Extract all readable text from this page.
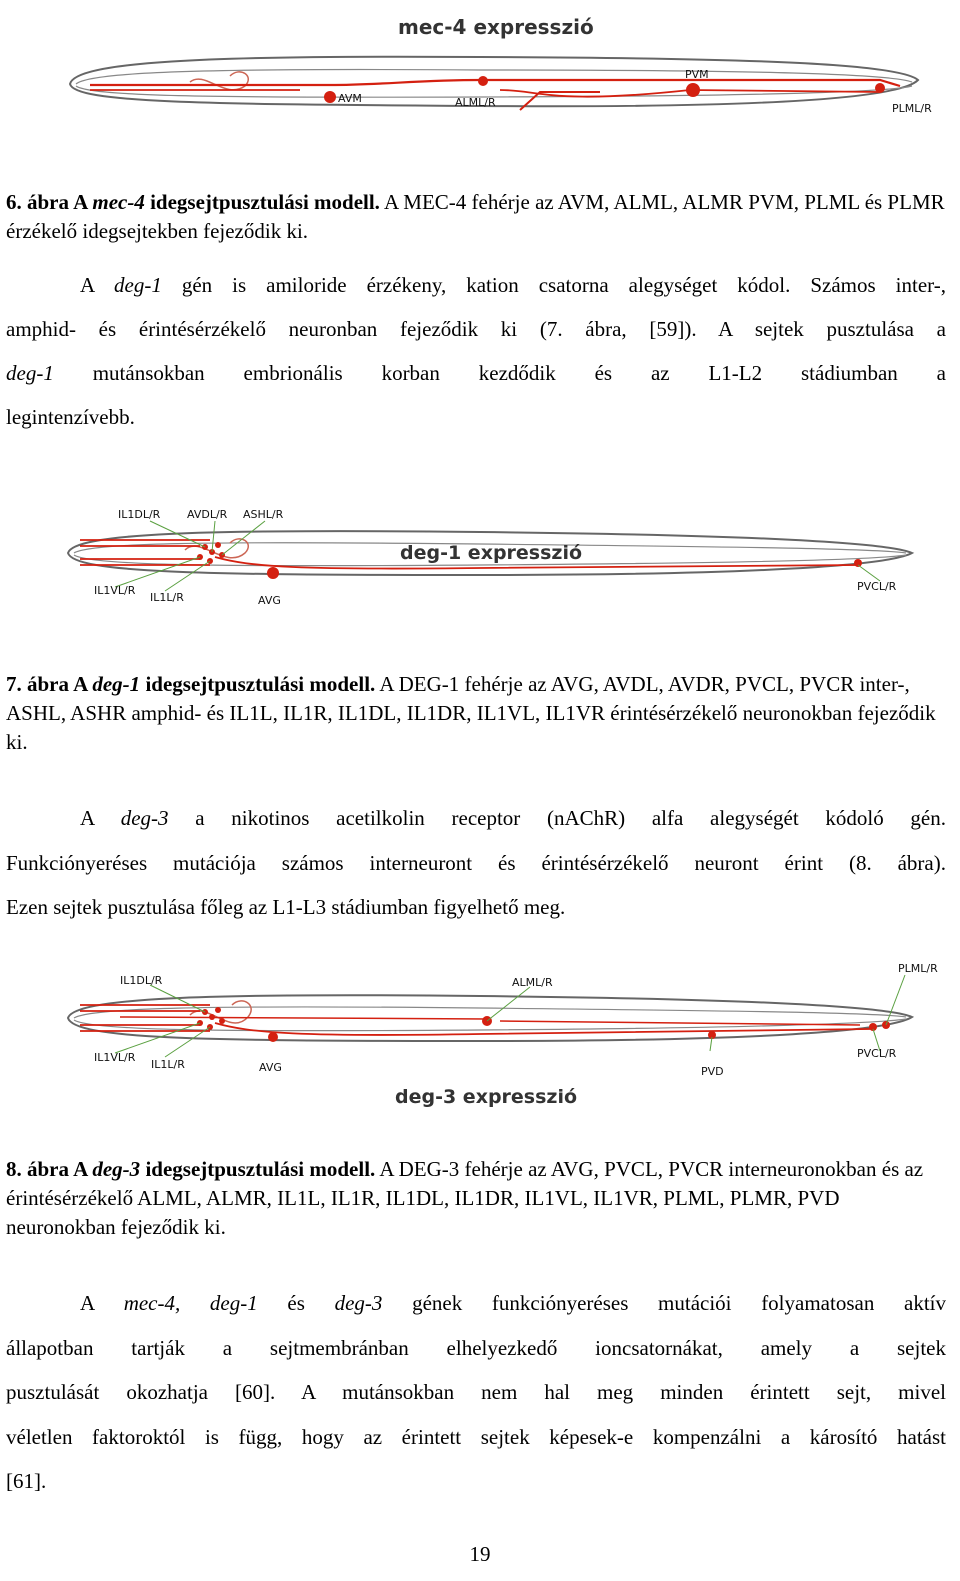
mec-4 expresszió
AVM	ALML/R
PVM
PLML/R
6. ábra A mec-4 idegsejtpusztulási modell. A MEC-4 fehérje az AVM, ALML, ALMR PVM, PLML és PLMR érzékelő idegsejtekben fejeződik ki.
A deg-1 gén is amiloride érzékeny, kation csatorna alegységet kódol. Számos inter-,
amphid- és érintésérzékelő neuronban fejeződik ki (7. ábra, [59]). A sejtek pusztulása a
deg-1 mutánsokban embrionális korban kezdődik és az L1-L2 stádiumban a
legintenzívebb.
IL1DL/R AVDL/R ASHL/R
deg-1 expresszió
IL1VL/R
IL1L/R	AVG
PVCL/R
7. ábra A deg-1 idegsejtpusztulási modell. A DEG-1 fehérje az AVG, AVDL, AVDR, PVCL, PVCR inter-, ASHL, ASHR amphid- és IL1L, IL1R, IL1DL, IL1DR, IL1VL, IL1VR érintésérzékelő neuronokban fejeződik ki.
A deg-3 a nikotinos acetilkolin receptor (nAChR) alfa alegységét kódoló gén.
Funkciónyeréses mutációja számos interneuront és érintésérzékelő neuront érint (8. ábra).
Ezen sejtek pusztulása főleg az L1-L3 stádiumban figyelhető meg.
IL1DL/R	ALML/R
PLML/R
IL1VL/R
IL1L/R	AVG	PVD
PVCL/R
deg-3 expresszió
8. ábra A deg-3 idegsejtpusztulási modell. A DEG-3 fehérje az AVG, PVCL, PVCR interneuronokban és az érintésérzékelő ALML, ALMR, IL1L, IL1R, IL1DL, IL1DR, IL1VL, IL1VR, PLML, PLMR, PVD neuronokban fejeződik ki.
A mec-4, deg-1 és deg-3 gének funkciónyeréses mutációi folyamatosan aktív
állapotban tartják a sejtmembránban elhelyezkedő ioncsatornákat, amely a sejtek
pusztulását okozhatja [60]. A mutánsokban nem hal meg minden érintett sejt, mivel
véletlen faktoroktól is függ, hogy az érintett sejtek képesek-e kompenzálni a károsító hatást
[61].
19
